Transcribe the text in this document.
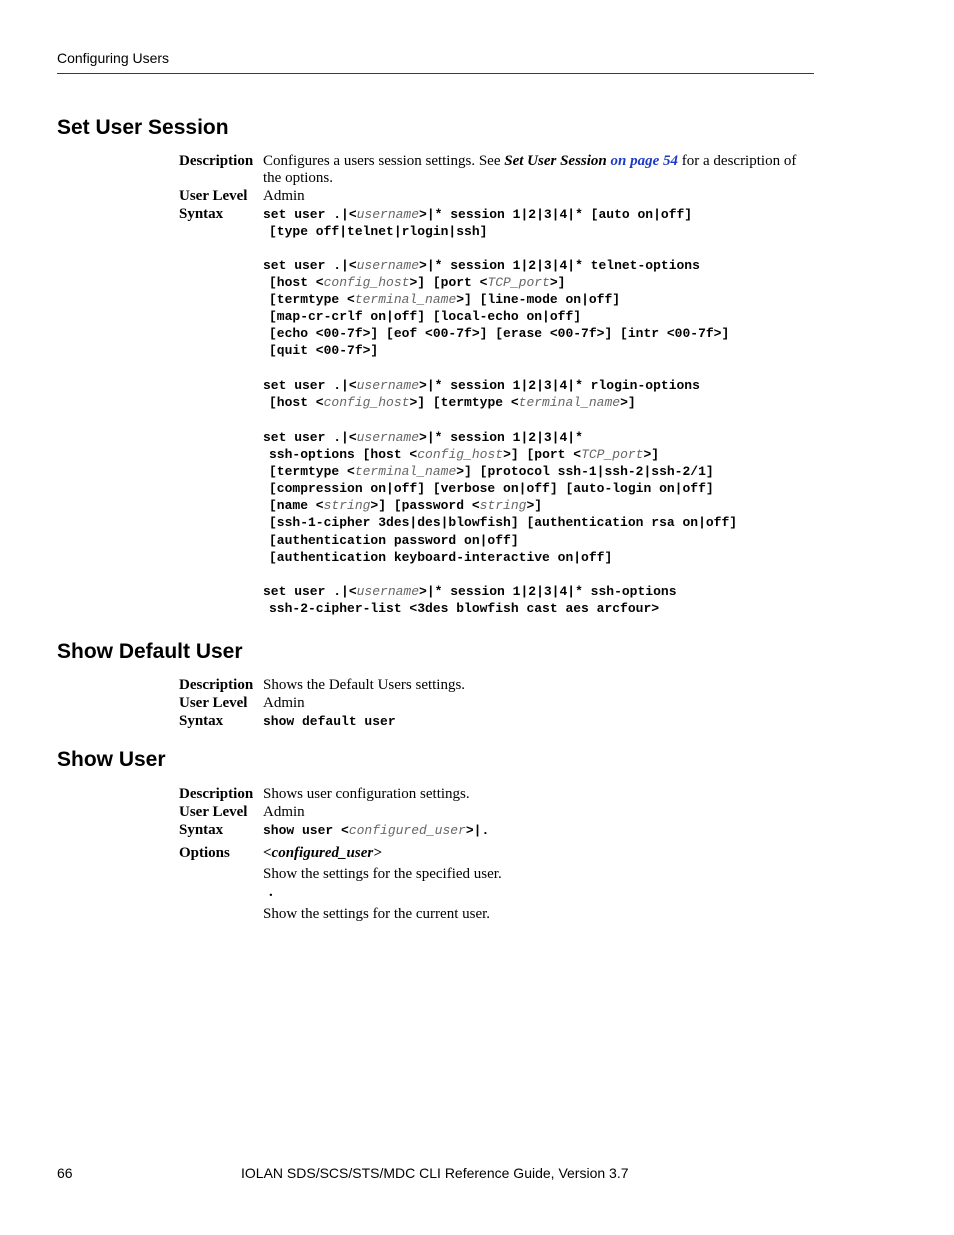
Configuring Users
Set User Session
Description Configures a users session settings. See Set User Session on page 54 for a description of the options.
User Level Admin
Syntax	set user .|<username>|* session 1|2|3|4|* [auto on|off]
[type off|telnet|rlogin|ssh]
set user .|<username>|* session 1|2|3|4|* telnet-options
[host <config_host>] [port <TCP_port>]
[termtype <terminal_name>] [line-mode on|off]
[map-cr-crlf on|off] [local-echo on|off]
[echo <00-7f>] [eof <00-7f>] [erase <00-7f>] [intr <00-7f>]
[quit <00-7f>]
set user .|<username>|* session 1|2|3|4|* rlogin-options
[host <config_host>] [termtype <terminal_name>]
set user .|<username>|* session 1|2|3|4|*
ssh-options [host <config_host>] [port <TCP_port>]
[termtype <terminal_name>] [protocol ssh-1|ssh-2|ssh-2/1]
[compression on|off] [verbose on|off] [auto-login on|off]
[name <string>] [password <string>]
[ssh-1-cipher 3des|des|blowfish] [authentication rsa on|off]
[authentication password on|off]
[authentication keyboard-interactive on|off]
set user .|<username>|* session 1|2|3|4|* ssh-options
ssh-2-cipher-list <3des blowfish cast aes arcfour>
Show Default User
Description Shows the Default Users settings.
User Level Admin
Syntax	show default user
Show User
Description Shows user configuration settings.
User Level Admin
Syntax	show user <configured_user>|.
Options <configured_user>
Show the settings for the specified user.
.
Show the settings for the current user.
66	IOLAN SDS/SCS/STS/MDC CLI Reference Guide, Version 3.7
